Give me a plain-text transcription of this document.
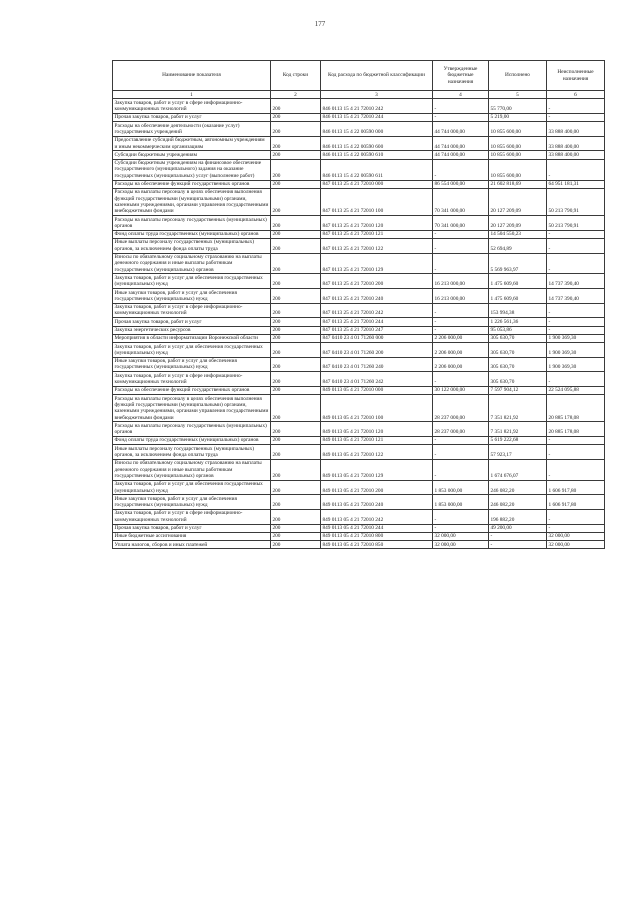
177
Наименование показателя	Код строки	Код расхода по бюджетной классификации	Утвержденные бюджетные назначения	Исполнено	Неисполненные назначения
1	2	3	4	5	6
Закупка товаров, работ и услуг в сфере информационно-коммуникационных технологий	200	846 0113 15 4 21 72010 242	-	55 770,00	-
Прочая закупка товаров, работ и услуг	200	846 0113 15 4 21 72010 244	-	5 219,00	-
Расходы на обеспечение деятельности (оказание услуг) государственных учреждений	200	846 0113 15 4 22 00590 000	44 744 000,00	10 855 600,00	33 888 400,00
Предоставление субсидий бюджетным, автономным учреждениям и иным некоммерческим организациям	200	846 0113 15 4 22 00590 600	44 744 000,00	10 855 600,00	33 888 400,00
Субсидии бюджетным учреждениям	200	846 0113 15 4 22 00590 610	44 744 000,00	10 855 600,00	33 888 400,00
Субсидии бюджетным учреждениям на финансовое обеспечение государственного (муниципального) задания на оказание государственных (муниципальных) услуг (выполнение работ)	200	846 0113 15 4 22 00590 611	-	10 855 600,00	-
Расходы на обеспечение функций государственных органов	200	847 0113 25 4 21 72010 000	86 554 000,00	21 602 818,69	64 951 181,31
Расходы на выплаты персоналу в целях обеспечения выполнения функций государственными (муниципальными) органами, казенными учреждениями, органами управления государственными внебюджетными фондами	200	847 0113 25 4 21 72010 100	70 341 000,00	20 127 209,09	50 213 790,91
Расходы на выплаты персоналу государственных (муниципальных) органов	200	847 0113 25 4 21 72010 120	70 341 000,00	20 127 209,09	50 213 790,91
Фонд оплаты труда государственных (муниципальных) органов	200	847 0113 25 4 21 72010 121	-	14 504 550,23	-
Иные выплаты персоналу государственных (муниципальных) органов, за исключением фонда оплаты труда	200	847 0113 25 4 21 72010 122	-	52 694,89	-
Взносы по обязательному социальному страхованию на выплаты денежного содержания и иные выплаты работникам государственных (муниципальных) органов	200	847 0113 25 4 21 72010 129	-	5 569 963,97	-
Закупка товаров, работ и услуг для обеспечения государственных (муниципальных) нужд	200	847 0113 25 4 21 72010 200	16 213 000,00	1 475 609,60	14 737 390,40
Иные закупки товаров, работ и услуг для обеспечения государственных (муниципальных) нужд	200	847 0113 25 4 21 72010 240	16 213 000,00	1 475 609,60	14 737 390,40
Закупка товаров, работ и услуг в сфере информационно-коммуникационных технологий	200	847 0113 25 4 21 72010 242	-	153 994,38	-
Прочая закупка товаров, работ и услуг	200	847 0113 25 4 21 72010 244	-	1 226 561,36	-
Закупка энергетических ресурсов	200	847 0113 25 4 21 72010 247	-	95 053,86	-
Мероприятия в области информатизации Воронежской области	200	847 0410 23 4 01 71260 000	2 206 000,00	305 630,70	1 900 369,30
Закупка товаров, работ и услуг для обеспечения государственных (муниципальных) нужд	200	847 0410 23 4 01 71260 200	2 206 000,00	305 630,70	1 900 369,30
Иные закупки товаров, работ и услуг для обеспечения государственных (муниципальных) нужд	200	847 0410 23 4 01 71260 240	2 206 000,00	305 630,70	1 900 369,30
Закупка товаров, работ и услуг в сфере информационно-коммуникационных технологий	200	847 0410 23 4 01 71260 242	-	305 630,70	-
Расходы на обеспечение функций государственных органов	200	849 0113 05 4 21 72010 000	30 122 000,00	7 597 904,12	22 524 095,88
Расходы на выплаты персоналу в целях обеспечения выполнения функций государственными (муниципальными) органами, казенными учреждениями, органами управления государственными внебюджетными фондами	200	849 0113 05 4 21 72010 100	28 237 000,00	7 351 821,92	20 885 178,08
Расходы на выплаты персоналу государственных (муниципальных) органов	200	849 0113 05 4 21 72010 120	28 237 000,00	7 351 821,92	20 885 178,08
Фонд оплаты труда государственных (муниципальных) органов	200	849 0113 05 4 21 72010 121	-	5 619 222,68	-
Иные выплаты персоналу государственных (муниципальных) органов, за исключением фонда оплаты труда	200	849 0113 05 4 21 72010 122	-	57 923,17	-
Взносы по обязательному социальному страхованию на выплаты денежного содержания и иные выплаты работникам государственных (муниципальных) органов	200	849 0113 05 4 21 72010 129	-	1 674 676,07	-
Закупка товаров, работ и услуг для обеспечения государственных (муниципальных) нужд	200	849 0113 05 4 21 72010 200	1 853 000,00	246 082,20	1 606 917,80
Иные закупки товаров, работ и услуг для обеспечения государственных (муниципальных) нужд	200	849 0113 05 4 21 72010 240	1 853 000,00	246 082,20	1 606 917,80
Закупка товаров, работ и услуг в сфере информационно-коммуникационных технологий	200	849 0113 05 4 21 72010 242	-	196 882,20	-
Прочая закупка товаров, работ и услуг	200	849 0113 05 4 21 72010 244	-	49 200,00	-
Иные бюджетные ассигнования	200	849 0113 05 4 21 72010 800	32 000,00	-	32 000,00
Уплата налогов, сборов и иных платежей	200	849 0113 05 4 21 72010 850	32 000,00	-	32 000,00
